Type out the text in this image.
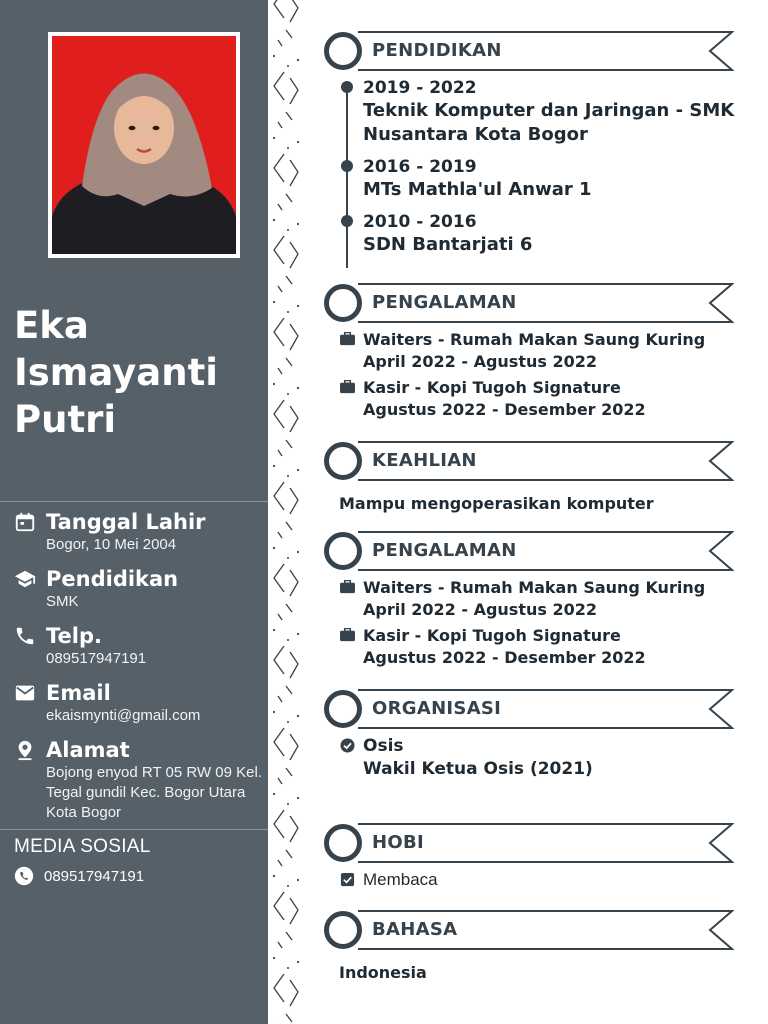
Eka
Ismayanti
Putri
Tanggal Lahir
Bogor, 10 Mei 2004
Pendidikan
SMK
Telp.
089517947191
Email
ekaismynti@gmail.com
Alamat
Bojong enyod RT 05 RW 09 Kel. Tegal gundil Kec. Bogor Utara Kota Bogor
MEDIA SOSIAL
089517947191
PENDIDIKAN
2019 - 2022
Teknik Komputer dan Jaringan - SMK
Nusantara Kota Bogor
2016 - 2019
MTs Mathla'ul Anwar 1
2010 - 2016
SDN Bantarjati 6
PENGALAMAN
Waiters - Rumah Makan Saung Kuring
April 2022 - Agustus 2022
Kasir - Kopi Tugoh Signature
Agustus 2022 - Desember 2022
KEAHLIAN
Mampu mengoperasikan komputer
PENGALAMAN
Waiters - Rumah Makan Saung Kuring
April 2022 - Agustus 2022
Kasir - Kopi Tugoh Signature
Agustus 2022 - Desember 2022
ORGANISASI
Osis
Wakil Ketua Osis (2021)
HOBI
Membaca
BAHASA
Indonesia
